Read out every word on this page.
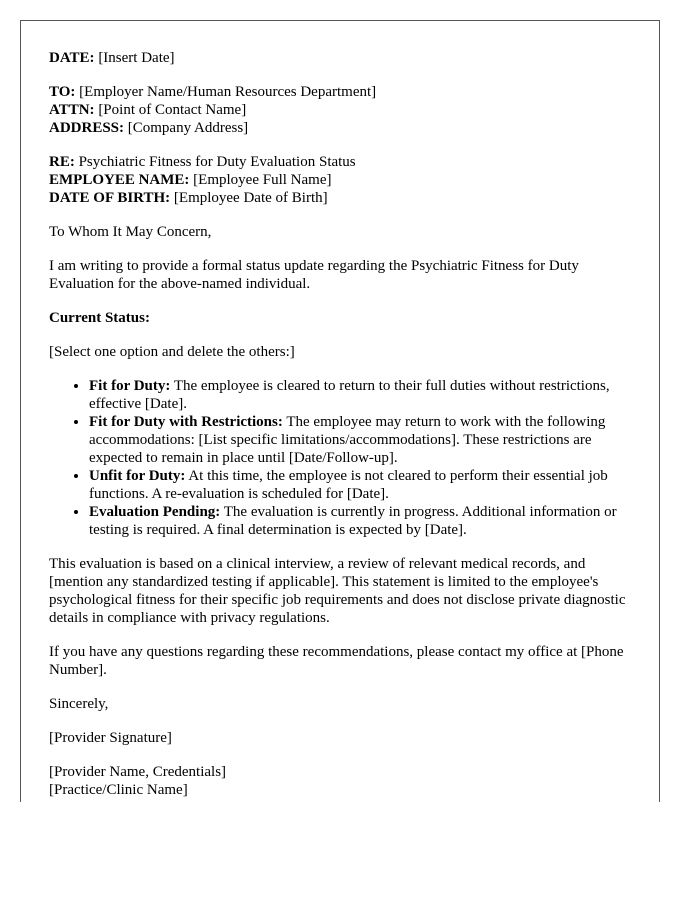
DATE: [Insert Date]
TO: [Employer Name/Human Resources Department]
ATTN: [Point of Contact Name]
ADDRESS: [Company Address]
RE: Psychiatric Fitness for Duty Evaluation Status
EMPLOYEE NAME: [Employee Full Name]
DATE OF BIRTH: [Employee Date of Birth]

To Whom It May Concern,

I am writing to provide a formal status update regarding the Psychiatric Fitness for Duty Evaluation for the above-named individual.

Current Status:

[Select one option and delete the others:]

• Fit for Duty: The employee is cleared to return to their full duties without restrictions, effective [Date].
• Fit for Duty with Restrictions: The employee may return to work with the following accommodations: [List specific limitations/accommodations]. These restrictions are expected to remain in place until [Date/Follow-up].
• Unfit for Duty: At this time, the employee is not cleared to perform their essential job functions. A re-evaluation is scheduled for [Date].
• Evaluation Pending: The evaluation is currently in progress. Additional information or testing is required. A final determination is expected by [Date].

This evaluation is based on a clinical interview, a review of relevant medical records, and [mention any standardized testing if applicable]. This statement is limited to the employee's psychological fitness for their specific job requirements and does not disclose private diagnostic details in compliance with privacy regulations.

If you have any questions regarding these recommendations, please contact my office at [Phone Number].

Sincerely,

[Provider Signature]

[Provider Name, Credentials]
[Practice/Clinic Name]
